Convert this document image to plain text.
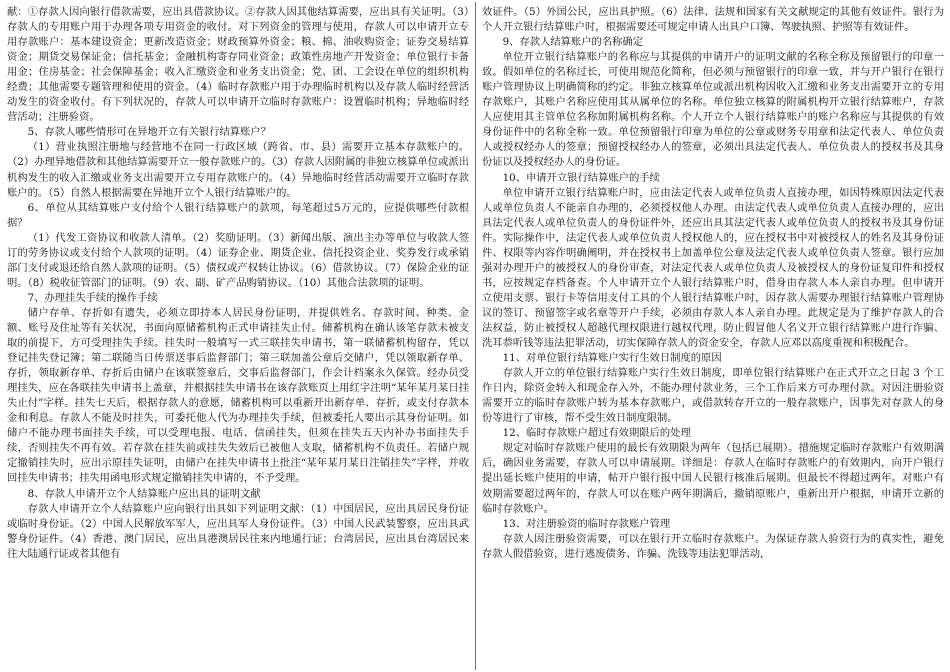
献：①存款人因向银行借款需要，应出具借款协议。②存款人因其他结算需要，应出具有关证明。（3）存款人的专用账户用于办理各项专用资金的收付。对下列资金的管理与使用，存款人可以申请开立专用存款账户：基本建设资金；更新改造资金；财政预算外资金；粮、棉、油收购资金；证券交易结算资金；期货交易保证金；信托基金；金融机构寄存同业资金；政策性房地产开发资金；单位银行卡备用金；住房基金；社会保障基金；收入汇缴资金和业务支出资金；党、团、工会设在单位的组织机构经费；其他需要专题管理和使用的资金。（4）临时存款账户用于办理临时机构以及存款人临时经营活动发生的资金收付。有下列状况的，存款人可以申请开立临时存款账户：设置临时机构；异地临时经营活动；注册验资。

5、存款人哪些情形可在异地开立有关银行结算账户？

（1）营业执照注册地与经营地不在同一行政区域（跨省、市、县）需要开立基本存款账户的。（2）办理异地借款和其他结算需要开立一般存款账户的。（3）存款人因附属的非独立核算单位或派出机构发生的收入汇缴或业务支出需要开立专用存款账户的。（4）异地临时经营活动需要开立临时存款账户的。（5）自然人根据需要在异地开立个人银行结算账户的。

6、单位从其结算账户支付给个人银行结算账户的款项，每笔超过5万元的，应提供哪些付款根据？

（1）代发工资协议和收款人清单。（2）奖励证明。（3）新闻出版、演出主办等单位与收款人签订的劳务协议或支付给个人款项的证明。（4）证券企业、期货企业、信托投资企业、奖券发行或承销部门支付或退还给自然人款项的证明。（5）债权或产权转让协议。（6）借款协议。（7）保险企业的证明。（8）税收征管部门的证明。（9）农、副、矿产品购销协议。（10）其他合法款项的证明。

7、办理挂失手续的操作手续

储户存单、存折如有遗失，必须立即持本人居民身份证明，并提供姓名、存款时间、种类、金额、账号及住址等有关状况，书面向原储蓄机构正式申请挂失止付。储蓄机构在确认该笔存款未被支取的前提下，方可受理挂失手续。挂失时一般填写一式三联挂失申请书，第一联储蓄机构留存，凭以登记挂失登记簿；第二联随当日传票送事后监督部门；第三联加盖公章后交储户，凭以领取新存单、存折，领取新存单、存折后由储户在该联签章后，交事后监督部门，作会计档案永久保管。经办员受理挂失，应在各联挂失申请书上盖章，并根据挂失申请书在该存款账页上用红字注明“某年某月某日挂失止付”字样。挂失七天后，根据存款人的意愿，储蓄机构可以重新开出新存单、存折，或支付存款本金和利息。存款人不能及时挂失，可委托他人代为办理挂失手续，但被委托人要出示其身份证明。如储户不能办理书面挂失手续，可以受理电报、电话、信函挂失，但须在挂失五天内补办书面挂失手续，否则挂失不再有效。若存款在挂失前或挂失失效后已被他人支取，储蓄机构不负责任。若储户规定撤销挂失时，应出示原挂失证明，由储户在挂失申请书上批注“某年某月某日注销挂失”字样，并收回挂失申请书；挂失用函电形式规定撤销挂失申请的，不予受理。

8、存款人申请开立个人结算账户应出具的证明文献

存款人申请开立个人结算账户应向银行出具如下列证明文献：（1）中国居民，应出具居民身份证或临时身份证。（2）中国人民解放军军人，应出具军人身份证件。（3）中国人民武装警察，应出具武警身份证件。（4）香港、澳门居民，应出具港澳居民往来内地通行证；台湾居民，应出具台湾居民来往大陆通行证或者其他有

效证件。（5）外国公民，应出具护照。（6）法律、法规和国家有关文献规定的其他有效证件。银行为个人开立银行结算账户时，根据需要还可规定申请人出具户口簿、驾驶执照、护照等有效证件。

9、存款人结算账户的名称确定

单位开立银行结算账户的名称应与其提供的申请开户的证明文献的名称全称及预留银行的印章一致。假如单位的名称过长，可使用规范化简称，但必须与预留银行的印章一致，并与开户银行在银行账户管理协议上明确简称的约定。非独立核算单位或派出机构因收入汇缴和业务支出需要开立的专用存款账户，其账户名称应使用其从属单位的名称。单位独立核算的附属机构开立银行结算账户，存款人应使用其主管单位名称加附属机构名称。个人开立个人银行结算账户的账户名称应与其提供的有效身份证件中的名称全称一致。单位预留银行印章为单位的公章或财务专用章和法定代表人、单位负责人或授权经办人的签章；预留授权经办人的签章，必须出具法定代表人、单位负责人的授权书及其身份证以及授权经办人的身份证。

10、申请开立银行结算账户的手续

单位申请开立银行结算账户时，应由法定代表人或单位负责人直接办理，如因特殊原因法定代表人或单位负责人不能亲自办理的，必须授权他人办理。由法定代表人或单位负责人直接办理的，应出具法定代表人或单位负责人的身份证件外，还应出具其法定代表人或单位负责人的授权书及其身份证件。实际操作中，法定代表人或单位负责人授权他人的，应在授权书中对被授权人的姓名及其身份证件、权限等内容作明确阐明，并在授权书上加盖单位公章及法定代表人或单位负责人签章。银行应加强对办理开户的被授权人的身份审查，对法定代表人或单位负责人及被授权人的身份证复印件和授权书，应按规定存档备查。个人申请开立个人银行结算账户时，借身由存款人本人亲自办理。但申请开立使用支票、银行卡等信用支付工具的个人银行结算账户时，因存款人需要办理银行结算账户管理协议的签订、预留签字或名章等开户手续，必须由存款人本人亲自办理。此规定是为了维护存款人的合法权益，防止被授权人超越代理权限进行越权代理，防止假冒他人名义开立银行结算账户进行诈骗、洗耳恭听钱等违法犯罪活动，切实保障存款人的资金安全，存款人应邓以高度重视和积极配合。

11、对单位银行结算账户实行生效日制度的原因

存款人开立的单位银行结算账户实行生效日制度，即单位银行结算账户在正式开立之日起 3 个工作日内，除资金转入和现金存入外，不能办理付款业务，三个工作后来方可办理付款。对因注册验资需要开立的临时存款账户转为基本存款账户，或借款转存开立的一般存款账户，因事先对存款人的身份等进行了审核，帮不受生效日制度限制。

12、临时存款账户超过有效期限后的处理

规定对临时存款账户使用的最长有效期限为两年（包括已展期）。措施规定临时存款账户有效期满后，确因业务需要，存款人可以申请展期。详细是：存款人在临时存款账户的有效期内，向开户银行提出延长账户使用的申请，帖开户银行报中国人民银行核准后展期。但最长不得超过两年。对账户有效期需要超过两年的，存款人可以在账户两年期满后，撤销原账户，重新出开户根据，申请开立新的临时存款账户。

13、对注册验资的临时存款账户管理

存款人因注册验资需要，可以在银行开立临时存款账户。为保证存款人验资行为的真实性，避免存款人假借验资，进行逃废债务、诈骗、洗钱等违法犯罪活动，
